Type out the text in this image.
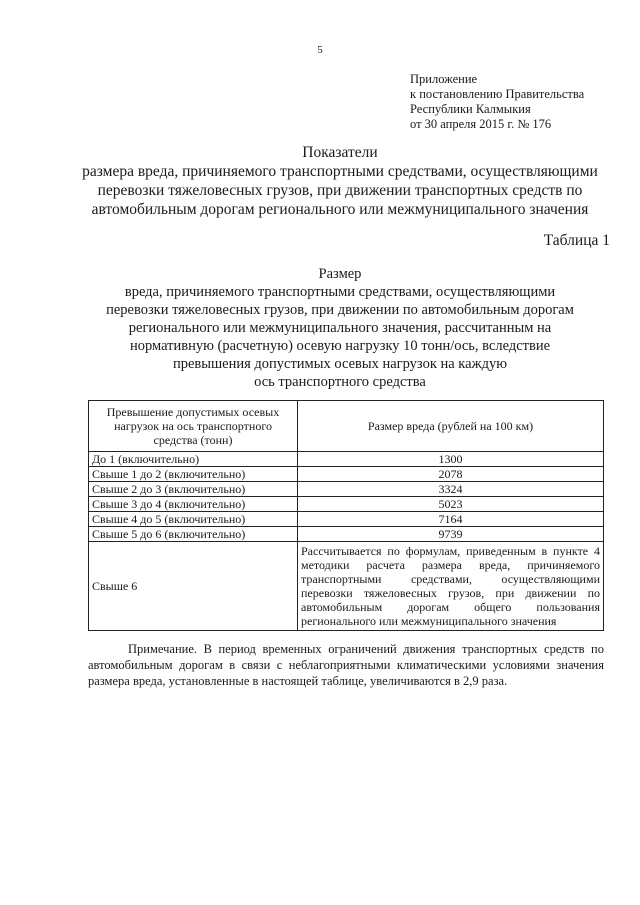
5
Приложение
к постановлению Правительства
Республики Калмыкия
от 30 апреля 2015 г. № 176
Показатели
размера вреда, причиняемого транспортными средствами, осуществляющими
перевозки тяжеловесных грузов, при движении транспортных средств по
автомобильным дорогам регионального или межмуниципального значения
Таблица 1
Размер
вреда, причиняемого транспортными средствами, осуществляющими
перевозки тяжеловесных грузов, при движении по автомобильным дорогам
регионального или межмуниципального значения, рассчитанным на
нормативную (расчетную) осевую нагрузку 10 тонн/ось, вследствие
превышения допустимых осевых нагрузок на каждую
ось транспортного средства
Превышение допустимых осевых нагрузок на ось транспортного средства (тонн)	Размер вреда (рублей на 100 км)
До 1 (включительно)	1300
Свыше 1 до 2 (включительно)	2078
Свыше 2 до 3 (включительно)	3324
Свыше 3 до 4 (включительно)	5023
Свыше 4 до 5 (включительно)	7164
Свыше 5 до 6 (включительно)	9739
Свыше 6	Рассчитывается по формулам, приведенным в пункте 4 методики расчета размера вреда, причиняемого транспортными средствами, осуществляющими перевозки тяжеловесных грузов, при движении по автомобильным дорогам общего пользования регионального или межмуниципального значения
Примечание. В период временных ограничений движения транспортных средств по автомобильным дорогам в связи с неблагоприятными климатическими условиями значения размера вреда, установленные в настоящей таблице, увеличиваются в 2,9 раза.
